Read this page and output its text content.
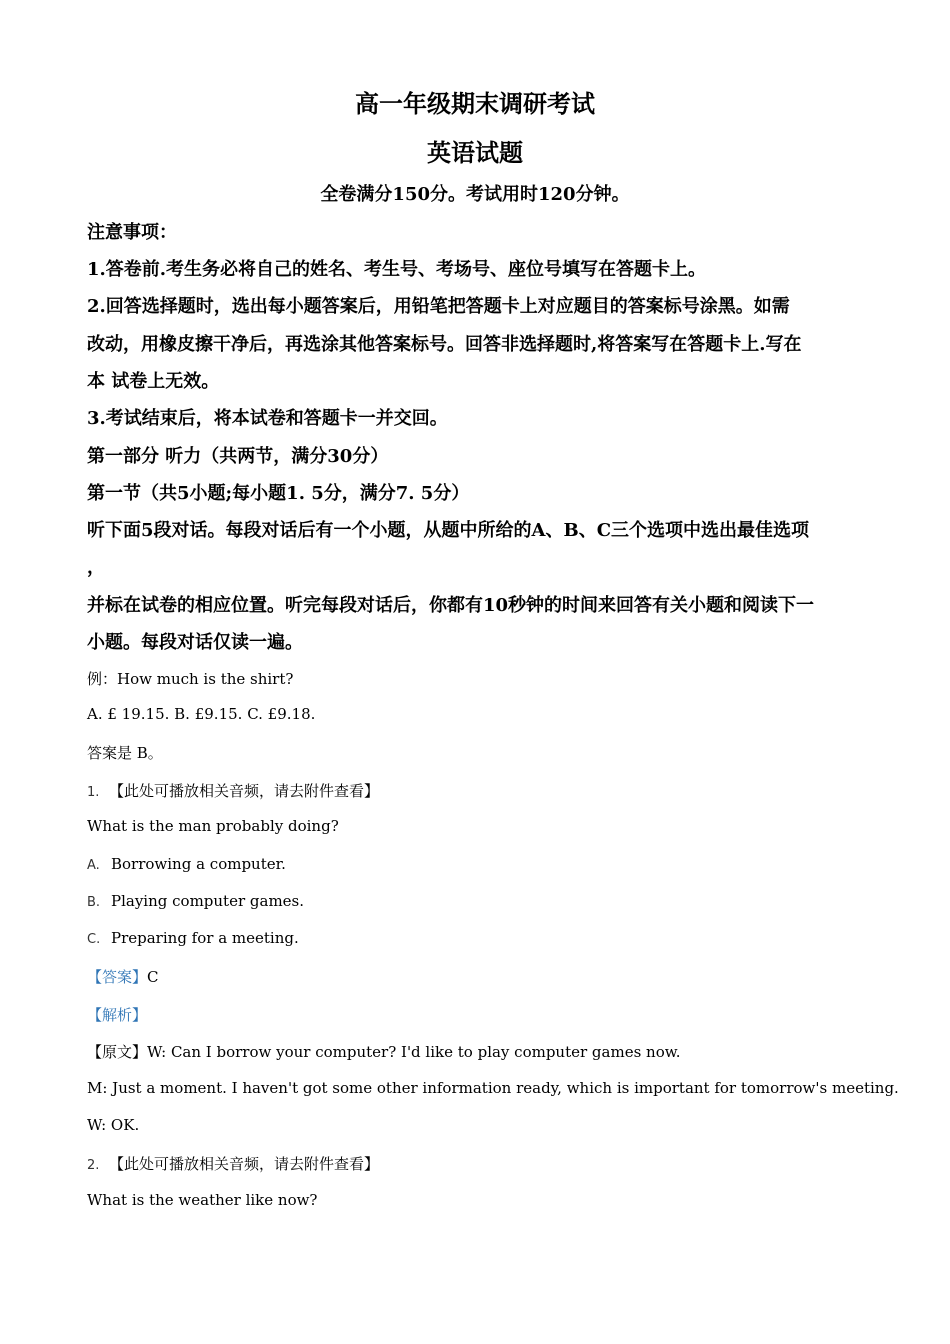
高一年级期末调研考试
英语试题
全卷满分150分。考试用时120分钟。
注意事项：
1.答卷前.考生务必将自己的姓名、考生号、考场号、座位号填写在答题卡上。
2.回答选择题时，选出每小题答案后，用铅笔把答题卡上对应题目的答案标号涂黑。如需
改动，用橡皮擦干净后，再选涂其他答案标号。回答非选择题时,将答案写在答题卡上.写在
本 试卷上无效。
3.考试结束后，将本试卷和答题卡一并交回。
第一部分 听力（共两节，满分30分）
第一节（共5小题;每小题1. 5分，满分7. 5分）
听下面5段对话。每段对话后有一个小题，从题中所给的A、B、C三个选项中选出最佳选项
，
并标在试卷的相应位置。听完每段对话后，你都有10秒钟的时间来回答有关小题和阅读下一
小题。每段对话仅读一遍。
例：How much is the shirt?
A. £ 19.15. B. £9.15. C. £9.18.
答案是 B。
1. 【此处可播放相关音频，请去附件查看】
What is the man probably doing?
A. Borrowing a computer.
B. Playing computer games.
C. Preparing for a meeting.
【答案】C
【解析】
【原文】W: Can I borrow your computer? I'd like to play computer games now.
M: Just a moment. I haven't got some other information ready, which is important for tomorrow's meeting.
W: OK.
2. 【此处可播放相关音频，请去附件查看】
What is the weather like now?
